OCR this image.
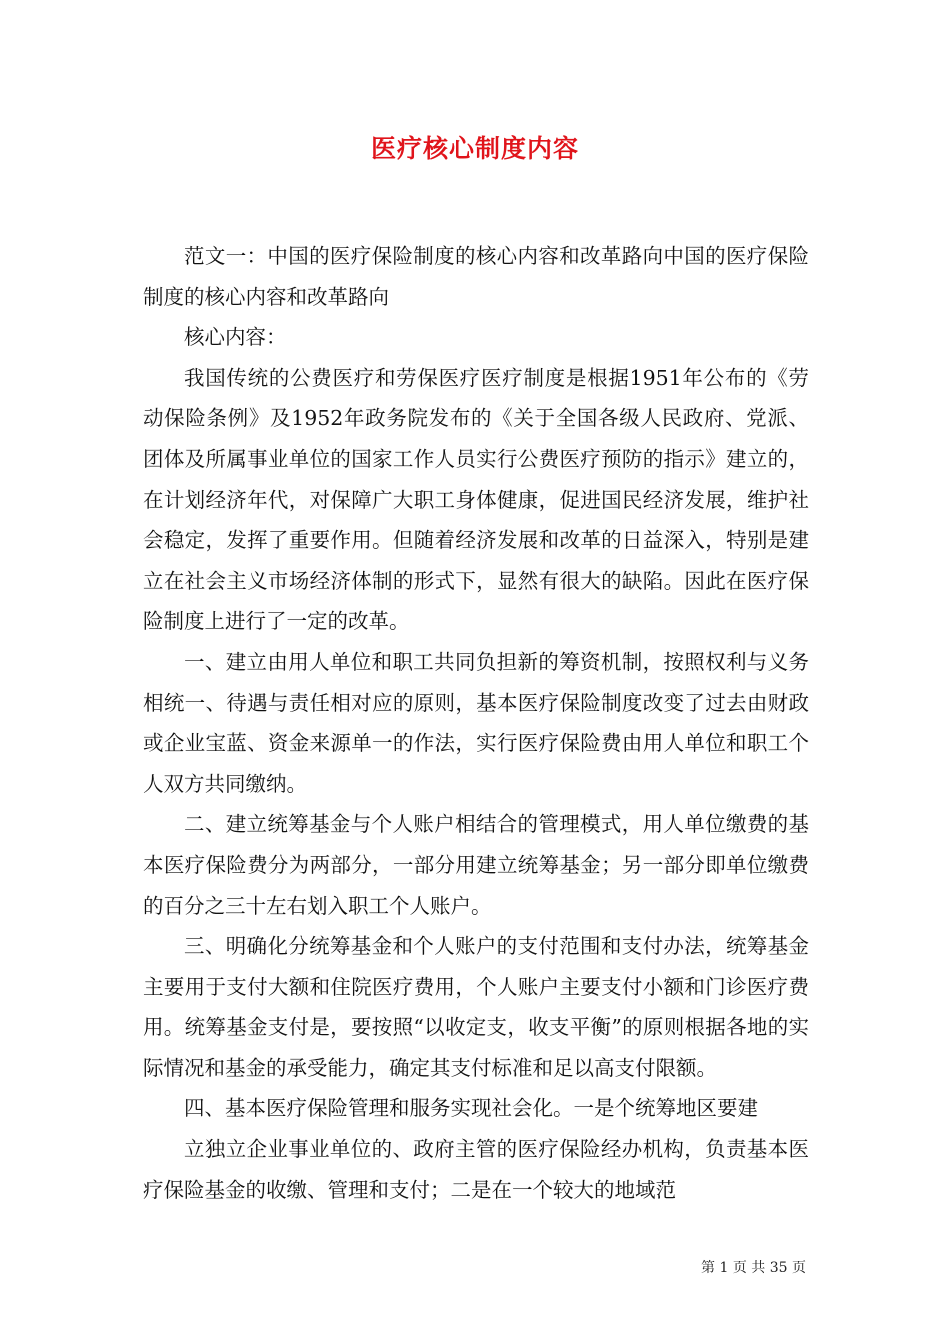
医疗核心制度内容

范文一：中国的医疗保险制度的核心内容和改革路向中国的医疗保险制度的核心内容和改革路向

核心内容：

我国传统的公费医疗和劳保医疗医疗制度是根据1951年公布的《劳动保险条例》及1952年政务院发布的《关于全国各级人民政府、党派、团体及所属事业单位的国家工作人员实行公费医疗预防的指示》建立的，在计划经济年代，对保障广大职工身体健康，促进国民经济发展，维护社会稳定，发挥了重要作用。但随着经济发展和改革的日益深入，特别是建立在社会主义市场经济体制的形式下，显然有很大的缺陷。因此在医疗保险制度上进行了一定的改革。

一、建立由用人单位和职工共同负担新的筹资机制，按照权利与义务相统一、待遇与责任相对应的原则，基本医疗保险制度改变了过去由财政或企业宝蓝、资金来源单一的作法，实行医疗保险费由用人单位和职工个人双方共同缴纳。

二、建立统筹基金与个人账户相结合的管理模式，用人单位缴费的基本医疗保险费分为两部分，一部分用建立统筹基金；另一部分即单位缴费的百分之三十左右划入职工个人账户。

三、明确化分统筹基金和个人账户的支付范围和支付办法，统筹基金主要用于支付大额和住院医疗费用，个人账户主要支付小额和门诊医疗费用。统筹基金支付是，要按照“以收定支，收支平衡”的原则根据各地的实际情况和基金的承受能力，确定其支付标准和足以高支付限额。

四、基本医疗保险管理和服务实现社会化。一是个统筹地区要建

立独立企业事业单位的、政府主管的医疗保险经办机构，负责基本医疗保险基金的收缴、管理和支付；二是在一个较大的地域范

第 1 页 共 35 页
